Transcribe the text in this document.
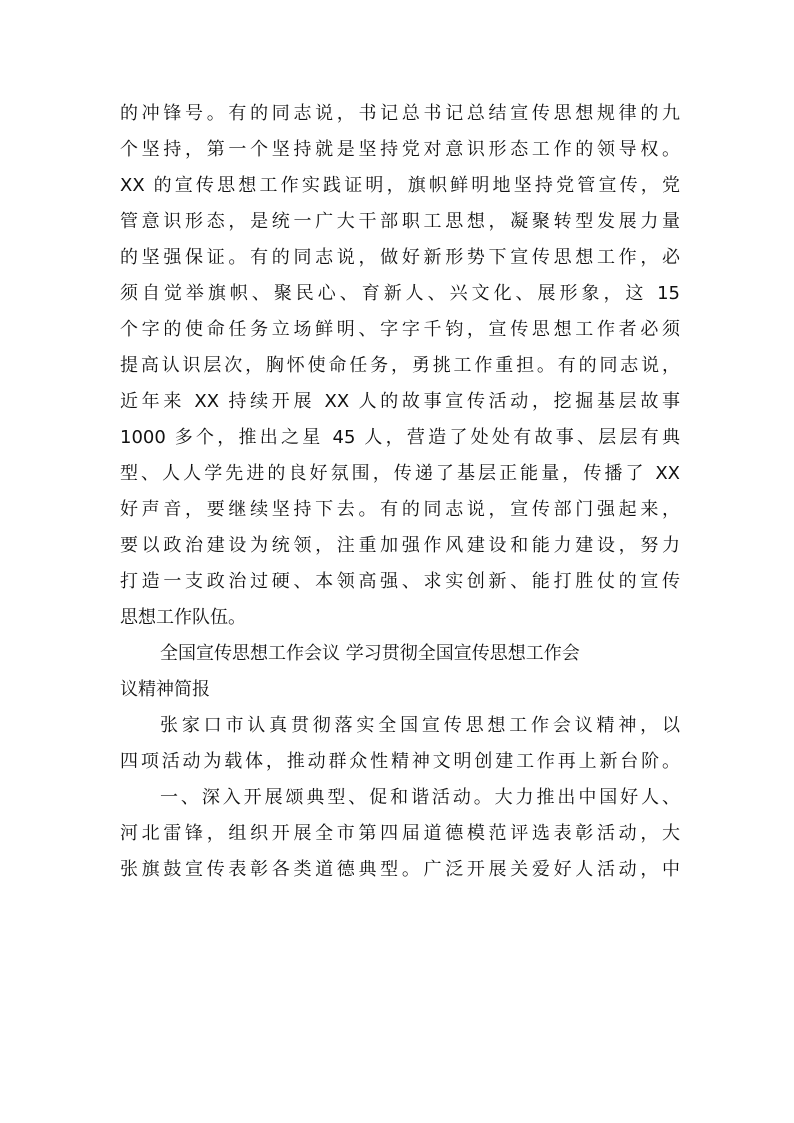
的冲锋号。有的同志说，书记总书记总结宣传思想规律的九
个坚持，第一个坚持就是坚持党对意识形态工作的领导权。
XX 的宣传思想工作实践证明，旗帜鲜明地坚持党管宣传，党
管意识形态，是统一广大干部职工思想，凝聚转型发展力量
的坚强保证。有的同志说，做好新形势下宣传思想工作，必
须自觉举旗帜、聚民心、育新人、兴文化、展形象，这 15
个字的使命任务立场鲜明、字字千钧，宣传思想工作者必须
提高认识层次，胸怀使命任务，勇挑工作重担。有的同志说，
近年来 XX 持续开展 XX 人的故事宣传活动，挖掘基层故事
1000 多个，推出之星 45 人，营造了处处有故事、层层有典
型、人人学先进的良好氛围，传递了基层正能量，传播了 XX
好声音，要继续坚持下去。有的同志说，宣传部门强起来，
要以政治建设为统领，注重加强作风建设和能力建设，努力
打造一支政治过硬、本领高强、求实创新、能打胜仗的宣传
思想工作队伍。
全国宣传思想工作会议 学习贯彻全国宣传思想工作会
议精神简报
张家口市认真贯彻落实全国宣传思想工作会议精神，以
四项活动为载体，推动群众性精神文明创建工作再上新台阶。
一、深入开展颂典型、促和谐活动。大力推出中国好人、
河北雷锋，组织开展全市第四届道德模范评选表彰活动，大
张旗鼓宣传表彰各类道德典型。广泛开展关爱好人活动，中
